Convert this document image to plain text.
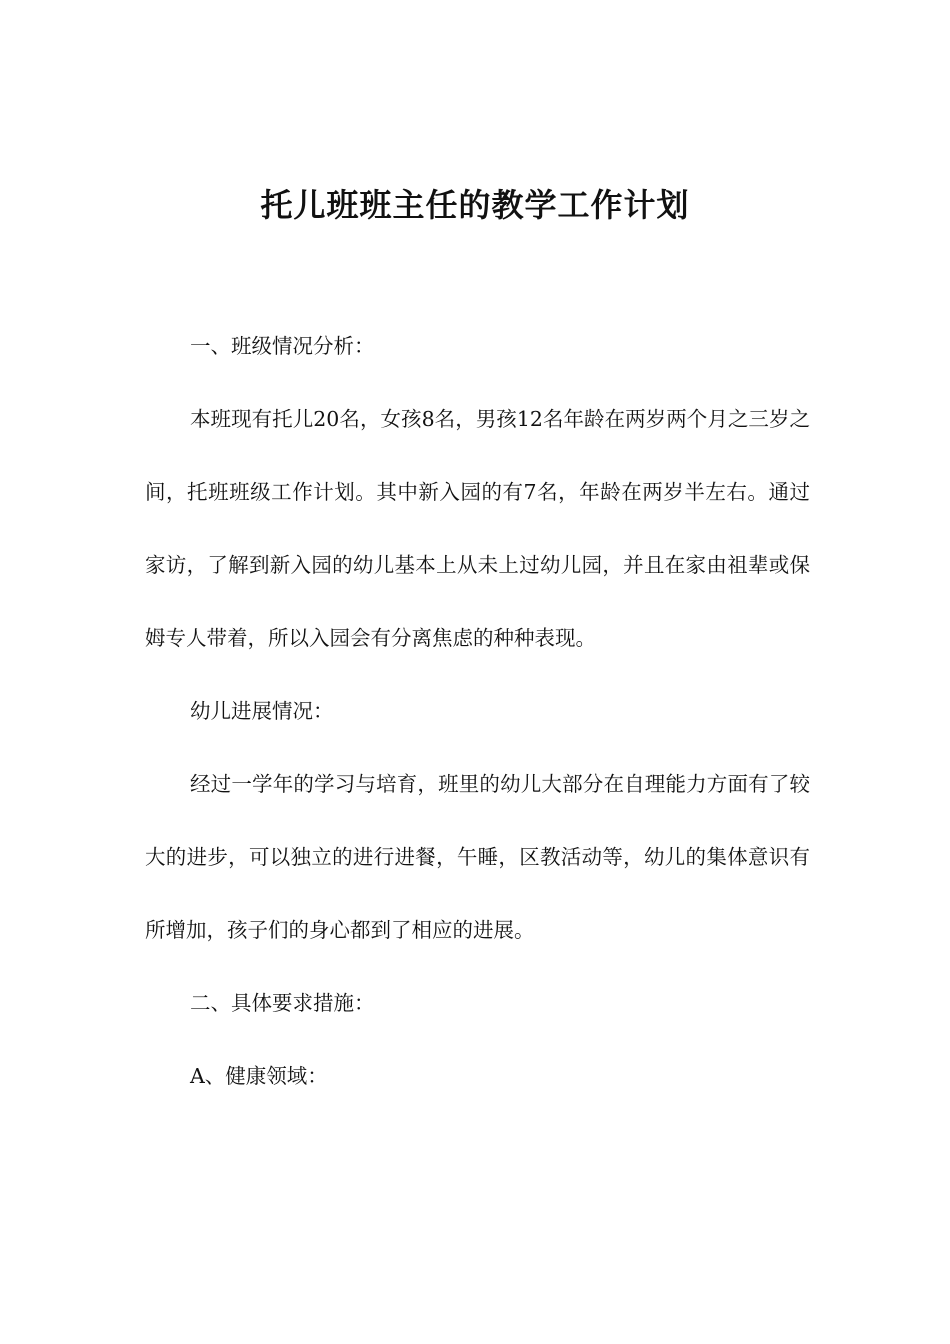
托儿班班主任的教学工作计划

一、班级情况分析：

本班现有托儿20名，女孩8名，男孩12名年龄在两岁两个月之三岁之间，托班班级工作计划。其中新入园的有7名，年龄在两岁半左右。通过家访，了解到新入园的幼儿基本上从未上过幼儿园，并且在家由祖辈或保姆专人带着，所以入园会有分离焦虑的种种表现。

幼儿进展情况：

经过一学年的学习与培育，班里的幼儿大部分在自理能力方面有了较大的进步，可以独立的进行进餐，午睡，区教活动等，幼儿的集体意识有所增加，孩子们的身心都到了相应的进展。

二、具体要求措施：

A、健康领域：
